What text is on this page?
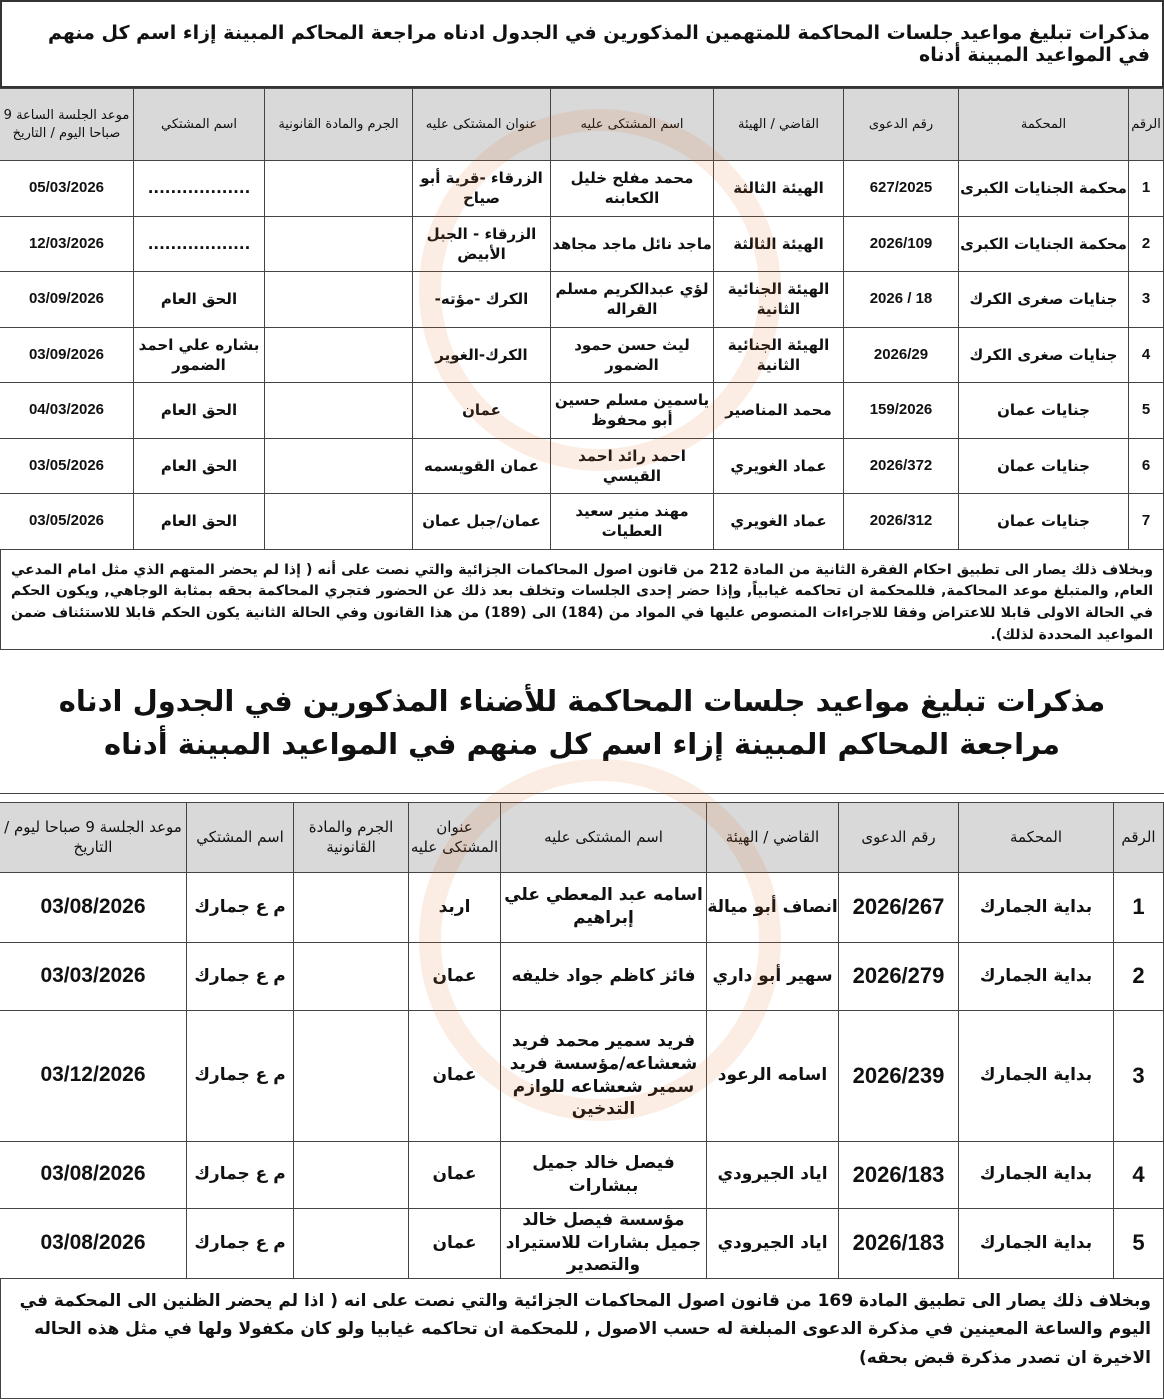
مذكرات تبليغ مواعيد جلسات المحاكمة للمتهمين المذكورين في الجدول ادناه مراجعة المحاكم المبينة إزاء اسم كل منهم في المواعيد المبينة أدناه
الرقم	المحكمة	رقم الدعوى	القاضي / الهيئة	اسم المشتكى عليه	عنوان المشتكى عليه	الجرم والمادة القانونية	اسم المشتكي	موعد الجلسة الساعة 9 صباحا اليوم / التاريخ
1	محكمة الجنايات الكبرى	627/2025	الهيئة الثالثة	محمد مفلح خليل الكعابنه	الزرقاء -قرية أبو صياح		..................	05/03/2026
2	محكمة الجنايات الكبرى	2026/109	الهيئة الثالثة	ماجد نائل ماجد مجاهد	الزرقاء - الجبل الأبيض		..................	12/03/2026
3	جنايات صغرى الكرك	18 / 2026	الهيئة الجنائية الثانية	لؤي عبدالكريم مسلم القراله	الكرك -مؤته-		الحق العام	03/09/2026
4	جنايات صغرى الكرك	2026/29	الهيئة الجنائية الثانية	ليث حسن حمود الضمور	الكرك-الغوير		بشاره علي احمد الضمور	03/09/2026
5	جنايات عمان	159/2026	محمد المناصير	ياسمين مسلم حسين أبو محفوظ	عمان		الحق العام	04/03/2026
6	جنايات عمان	2026/372	عماد الغويري	احمد رائد احمد القيسي	عمان القويسمه		الحق العام	03/05/2026
7	جنايات عمان	2026/312	عماد الغويري	مهند منير سعيد العطيات	عمان/جبل عمان		الحق العام	03/05/2026
وبخلاف ذلك يصار الى تطبيق احكام الفقرة الثانية من المادة 212 من قانون اصول المحاكمات الجزائية والتي نصت على أنه ( إذا لم يحضر المتهم الذي مثل امام المدعي العام, والمتبلغ موعد المحاكمة, فللمحكمة ان تحاكمه غيابياً, وإذا حضر إحدى الجلسات وتخلف بعد ذلك عن الحضور فتجري المحاكمة بحقه بمثابة الوجاهي, ويكون الحكم في الحالة الاولى قابلا للاعتراض وفقا للاجراءات المنصوص عليها في المواد من (184) الى (189) من هذا القانون وفي الحالة الثانية يكون الحكم قابلا للاستئناف ضمن المواعيد المحددة لذلك).
مذكرات تبليغ مواعيد جلسات المحاكمة للأضناء المذكورين في الجدول ادناه مراجعة المحاكم المبينة إزاء اسم كل منهم في المواعيد المبينة أدناه
الرقم	المحكمة	رقم الدعوى	القاضي / الهيئة	اسم المشتكى عليه	عنوان المشتكى عليه	الجرم والمادة القانونية	اسم المشتكي	موعد الجلسة 9 صباحا ليوم / التاريخ
1	بداية الجمارك	2026/267	انصاف أبو ميالة	اسامه عبد المعطي علي إبراهيم	اربد		م ع جمارك	03/08/2026
2	بداية الجمارك	2026/279	سهير أبو داري	فائز كاظم جواد خليفه	عمان		م ع جمارك	03/03/2026
3	بداية الجمارك	2026/239	اسامه الرعود	فريد سمير محمد فريد شعشاعه/مؤسسة فريد سمير شعشاعه للوازم التدخين	عمان		م ع جمارك	03/12/2026
4	بداية الجمارك	2026/183	اياد الجيرودي	فيصل خالد جميل ببشارات	عمان		م ع جمارك	03/08/2026
5	بداية الجمارك	2026/183	اياد الجيرودي	مؤسسة فيصل خالد جميل بشارات للاستيراد والتصدير	عمان		م ع جمارك	03/08/2026
وبخلاف ذلك يصار الى تطبيق المادة 169 من قانون اصول المحاكمات الجزائية والتي نصت على انه ( اذا لم يحضر الظنين الى المحكمة في اليوم والساعة المعينين في مذكرة الدعوى المبلغة له حسب الاصول , للمحكمة ان تحاكمه غيابيا ولو كان مكفولا ولها في مثل هذه الحاله الاخيرة ان تصدر مذكرة قبض بحقه)
